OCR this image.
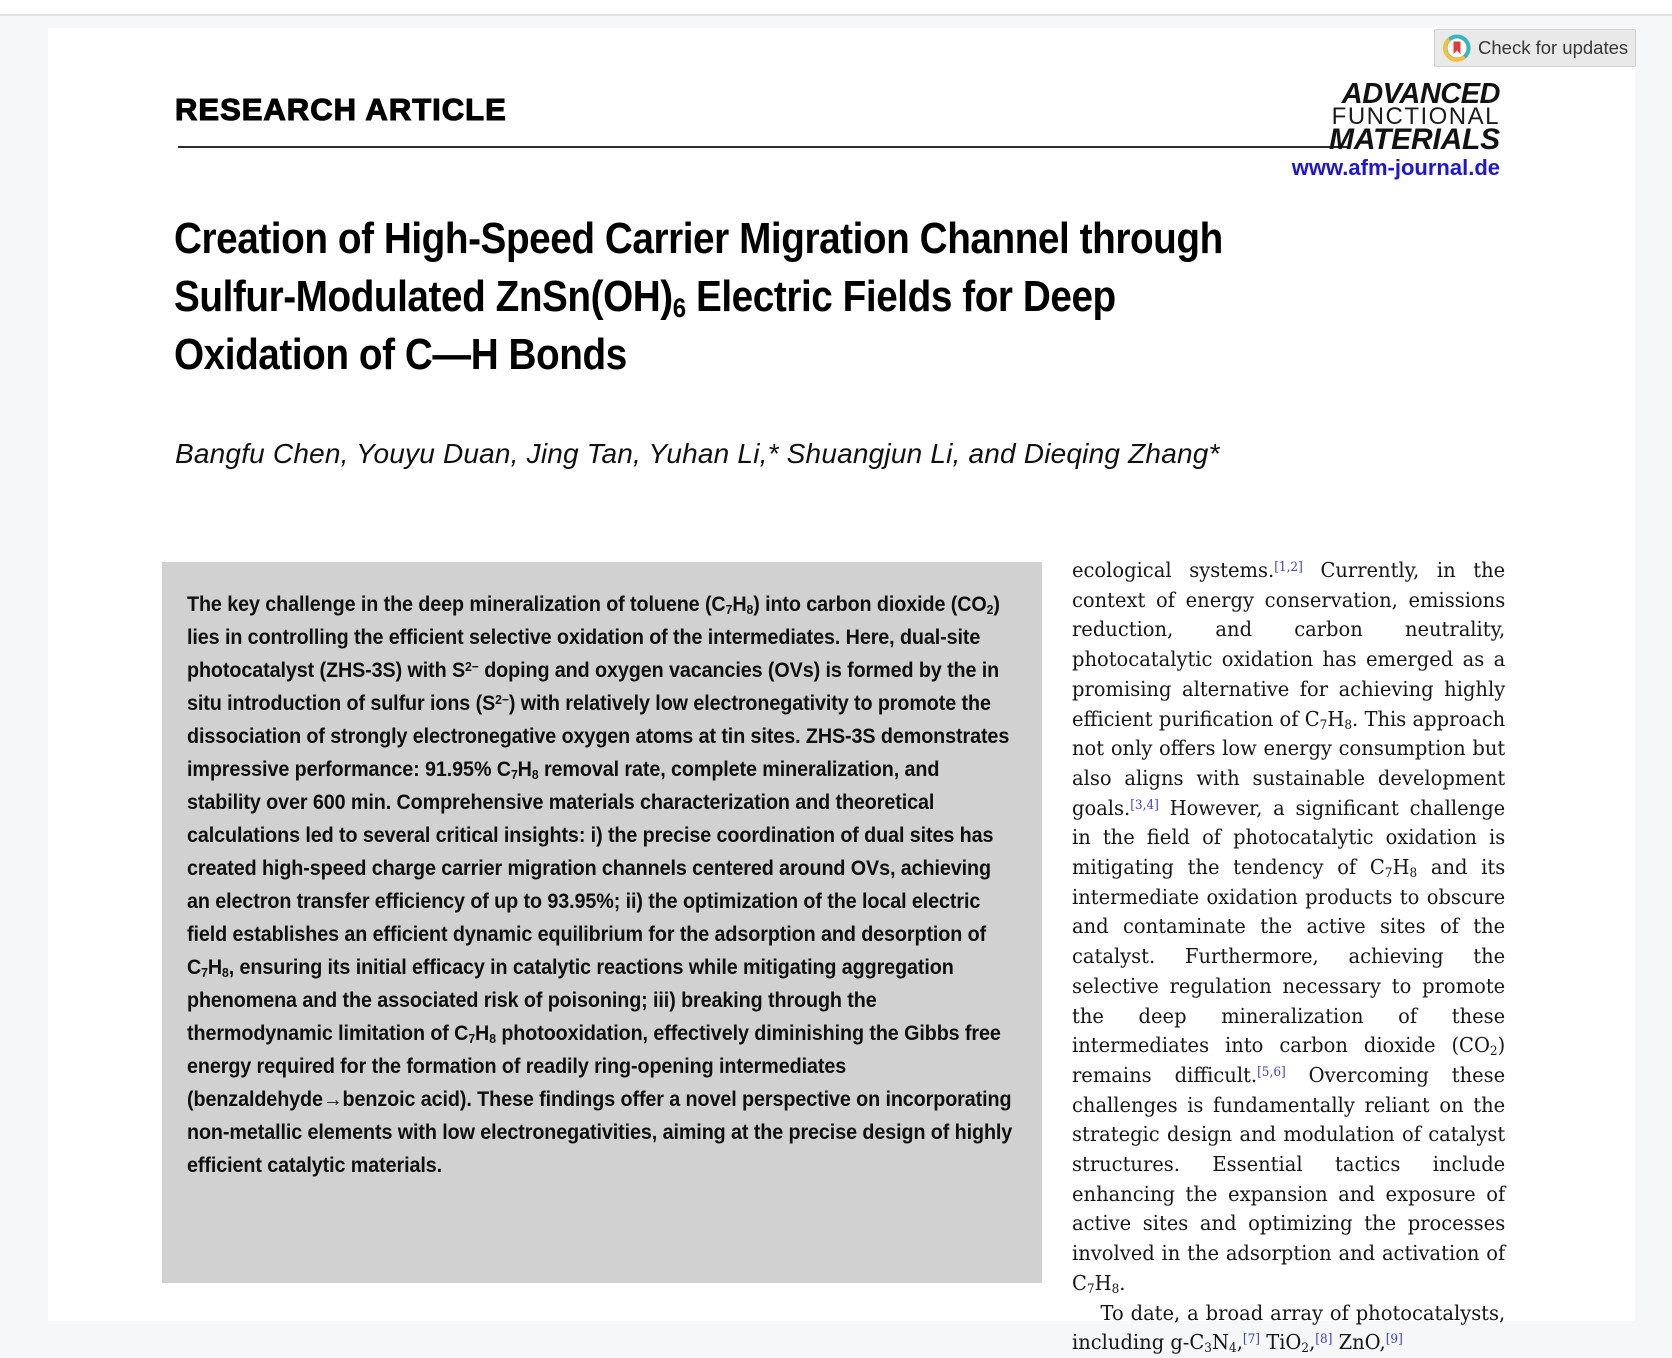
RESEARCH ARTICLE
Check for updates
ADVANCED
FUNCTIONAL
MATERIALS
www.afm-journal.de
Creation of High-Speed Carrier Migration Channel through
Sulfur-Modulated $ZnSn(OH)_6$ Electric Fields for Deep
Oxidation of C—H Bonds
Bangfu Chen, Youyu Duan, Jing Tan, Yuhan Li,* Shuangjun Li, and Dieqing Zhang*
The key challenge in the deep mineralization of toluene $(C_7H_8)$ into carbon dioxide $(CO_2)$ lies in controlling the efficient selective oxidation of the intermediates. Here, dual-site photocatalyst (ZHS-3S) with $S^{2-}$ doping and oxygen vacancies (OVs) is formed by the in situ introduction of sulfur ions $(S^{2-})$ with relatively low electronegativity to promote the dissociation of strongly electronegative oxygen atoms at tin sites. ZHS-3S demonstrates impressive performance: 91.95% $C_7H_8$ removal rate, complete mineralization, and stability over 600 min. Comprehensive materials characterization and theoretical calculations led to several critical insights: i) the precise coordination of dual sites has created high-speed charge carrier migration channels centered around OVs, achieving an electron transfer efficiency of up to 93.95%; ii) the optimization of the local electric field establishes an efficient dynamic equilibrium for the adsorption and desorption of $C_7H_8$, ensuring its initial efficacy in catalytic reactions while mitigating aggregation phenomena and the associated risk of poisoning; iii) breaking through the thermodynamic limitation of $C_7H_8$ photooxidation, effectively diminishing the Gibbs free energy required for the formation of readily ring-opening intermediates (benzaldehyde→benzoic acid). These findings offer a novel perspective on incorporating non-metallic elements with low electronegativities, aiming at the precise design of highly efficient catalytic materials.

ecological systems.[1,2] Currently, in the context of energy conservation, emissions reduction, and carbon neutrality, photocatalytic oxidation has emerged as a promising alternative for achieving highly efficient purification of $C_7H_8$. This approach not only offers low energy consumption but also aligns with sustainable development goals.[3,4] However, a significant challenge in the field of photocatalytic oxidation is mitigating the tendency of $C_7H_8$ and its intermediate oxidation products to obscure and contaminate the active sites of the catalyst. Furthermore, achieving the selective regulation necessary to promote the deep mineralization of these intermediates into carbon dioxide $(CO_2)$ remains difficult.[5,6] Overcoming these challenges is fundamentally reliant on the strategic design and modulation of catalyst structures. Essential tactics include enhancing the expansion and exposure of active sites and optimizing the processes involved in the adsorption and activation of $C_7H_8$.

To date, a broad array of photocatalysts, including $g-C_3N_4,[7]$ TiO$_2$,[8] ZnO,[9]
